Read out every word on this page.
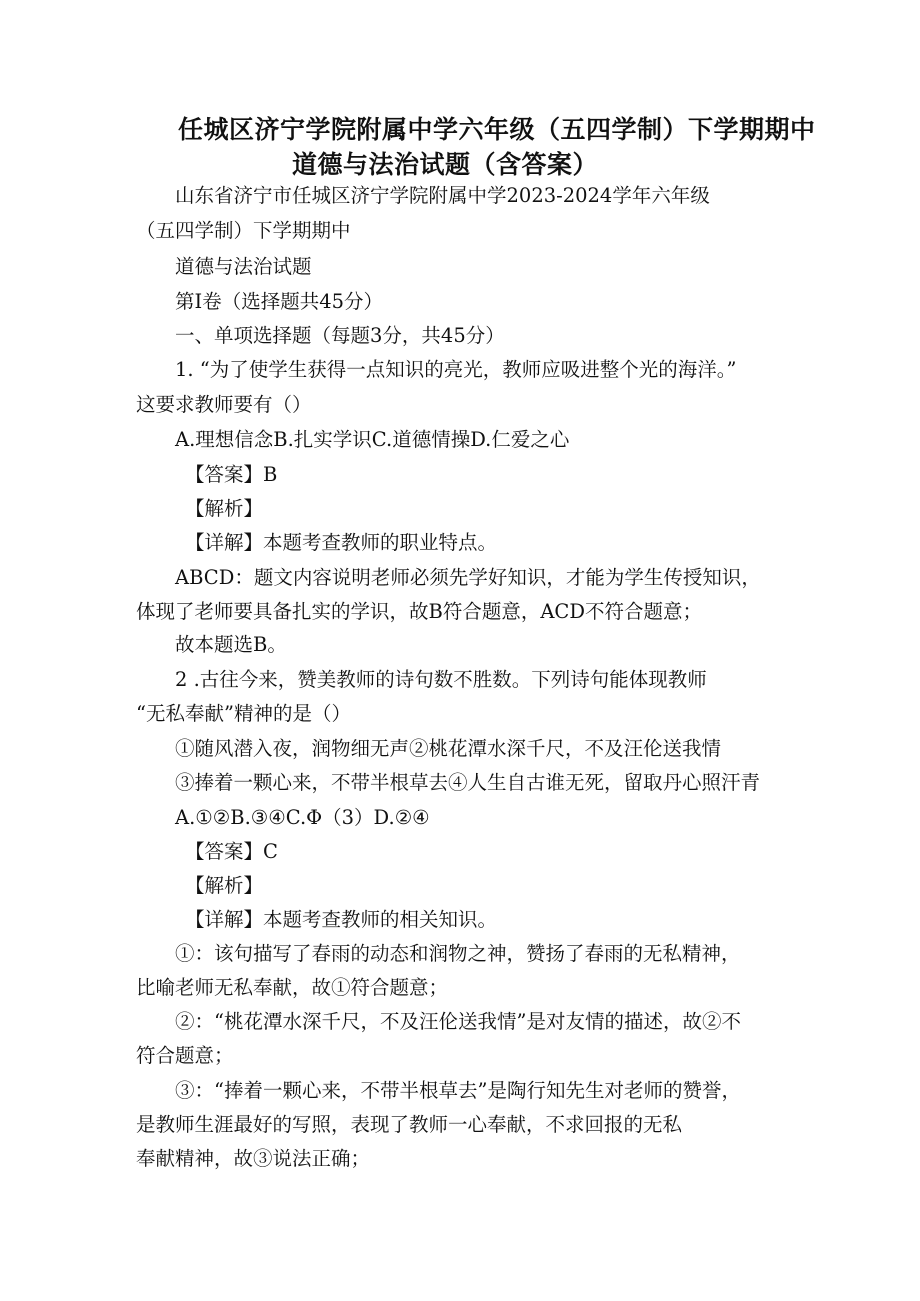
任城区济宁学院附属中学六年级（五四学制）下学期期中
道德与法治试题（含答案）
山东省济宁市任城区济宁学院附属中学2023-2024学年六年级
（五四学制）下学期期中
道德与法治试题
第I卷（选择题共45分）
一、单项选择题（每题3分，共45分）
1. “为了使学生获得一点知识的亮光，教师应吸进整个光的海洋。”
这要求教师要有（）
A.理想信念B.扎实学识C.道德情操D.仁爱之心
【答案】B
【解析】
【详解】本题考查教师的职业特点。
ABCD：题文内容说明老师必须先学好知识，才能为学生传授知识，
体现了老师要具备扎实的学识，故B符合题意，ACD不符合题意；
故本题选B。
2 .古往今来，赞美教师的诗句数不胜数。下列诗句能体现教师
“无私奉献”精神的是（）
①随风潜入夜，润物细无声②桃花潭水深千尺，不及汪伦送我情
③捧着一颗心来，不带半根草去④人生自古谁无死，留取丹心照汗青
A.①②B.③④C.Φ（3）D.②④
【答案】C
【解析】
【详解】本题考查教师的相关知识。
①：该句描写了春雨的动态和润物之神，赞扬了春雨的无私精神，
比喻老师无私奉献，故①符合题意；
②：“桃花潭水深千尺，不及汪伦送我情”是对友情的描述，故②不
符合题意；
③：“捧着一颗心来，不带半根草去”是陶行知先生对老师的赞誉，
是教师生涯最好的写照，表现了教师一心奉献，不求回报的无私
奉献精神，故③说法正确；
